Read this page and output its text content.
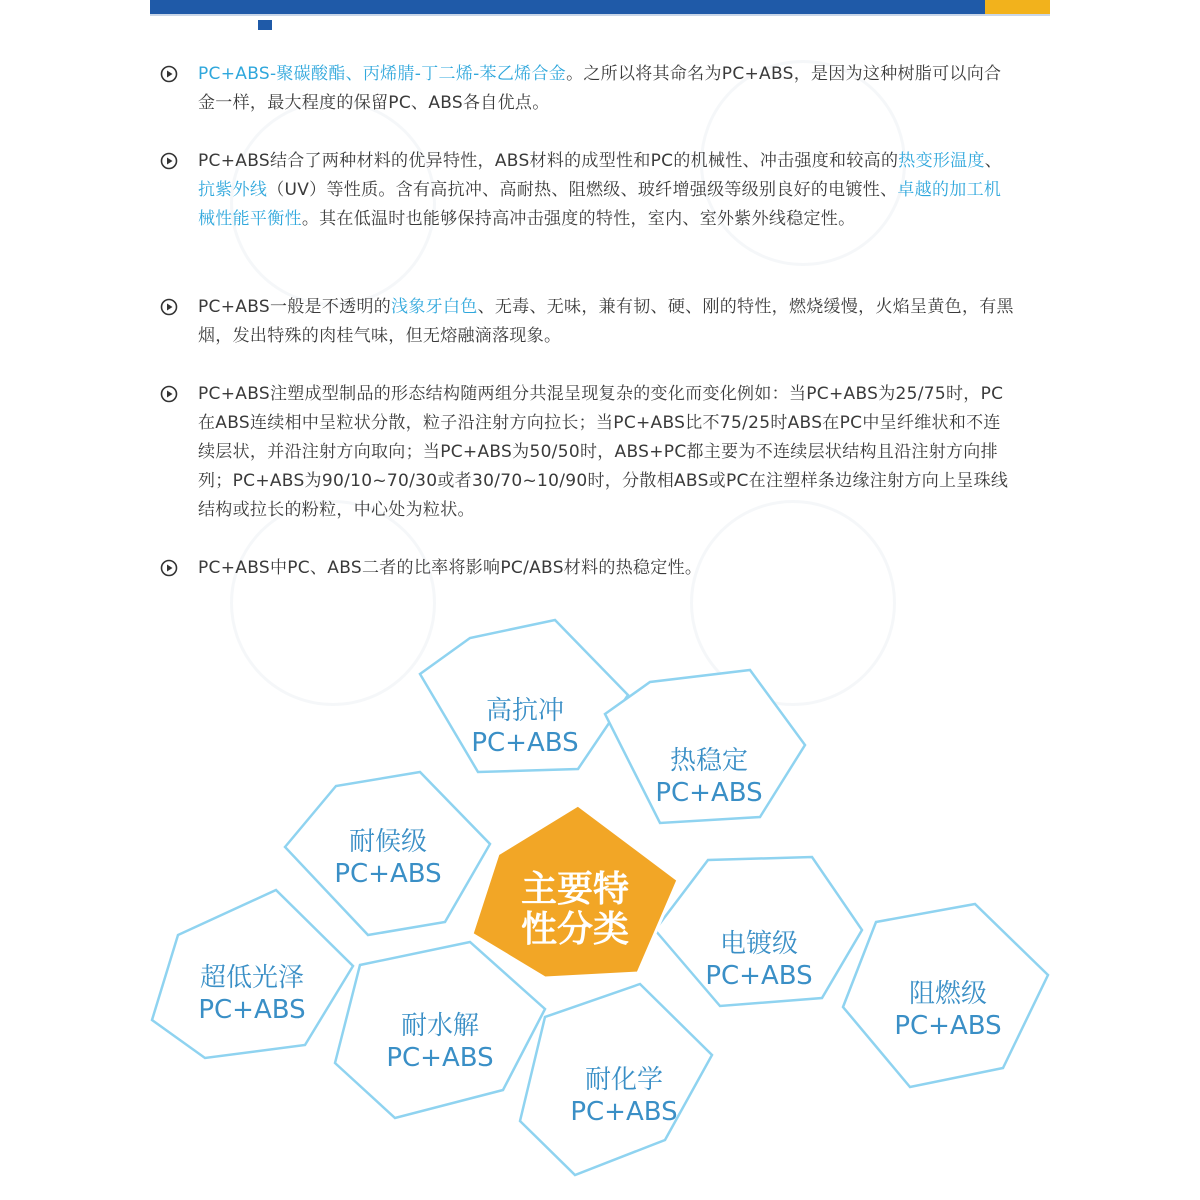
PC+ABS-聚碳酸酯、丙烯腈-丁二烯-苯乙烯合金。之所以将其命名为PC+ABS，是因为这种树脂可以向合金一样，最大程度的保留PC、ABS各自优点。
PC+ABS结合了两种材料的优异特性，ABS材料的成型性和PC的机械性、冲击强度和较高的热变形温度、抗紫外线（UV）等性质。含有高抗冲、高耐热、阻燃级、玻纤增强级等级别良好的电镀性、卓越的加工机械性能平衡性。其在低温时也能够保持高冲击强度的特性，室内、室外紫外线稳定性。
PC+ABS一般是不透明的浅象牙白色、无毒、无味，兼有韧、硬、刚的特性，燃烧缓慢，火焰呈黄色，有黑烟，发出特殊的肉桂气味，但无熔融滴落现象。
PC+ABS注塑成型制品的形态结构随两组分共混呈现复杂的变化而变化例如：当PC+ABS为25/75时，PC在ABS连续相中呈粒状分散，粒子沿注射方向拉长；当PC+ABS比不75/25时ABS在PC中呈纤维状和不连续层状，并沿注射方向取向；当PC+ABS为50/50时，ABS+PC都主要为不连续层状结构且沿注射方向排列；PC+ABS为90/10~70/30或者30/70~10/90时，分散相ABS或PC在注塑样条边缘注射方向上呈珠线结构或拉长的粉粒，中心处为粒状。
PC+ABS中PC、ABS二者的比率将影响PC/ABS材料的热稳定性。
高抗冲
PC+ABS
热稳定
PC+ABS
耐候级
PC+ABS
电镀级
PC+ABS
超低光泽
PC+ABS
耐水解
PC+ABS
耐化学
PC+ABS
阻燃级
PC+ABS
主要特
性分类
